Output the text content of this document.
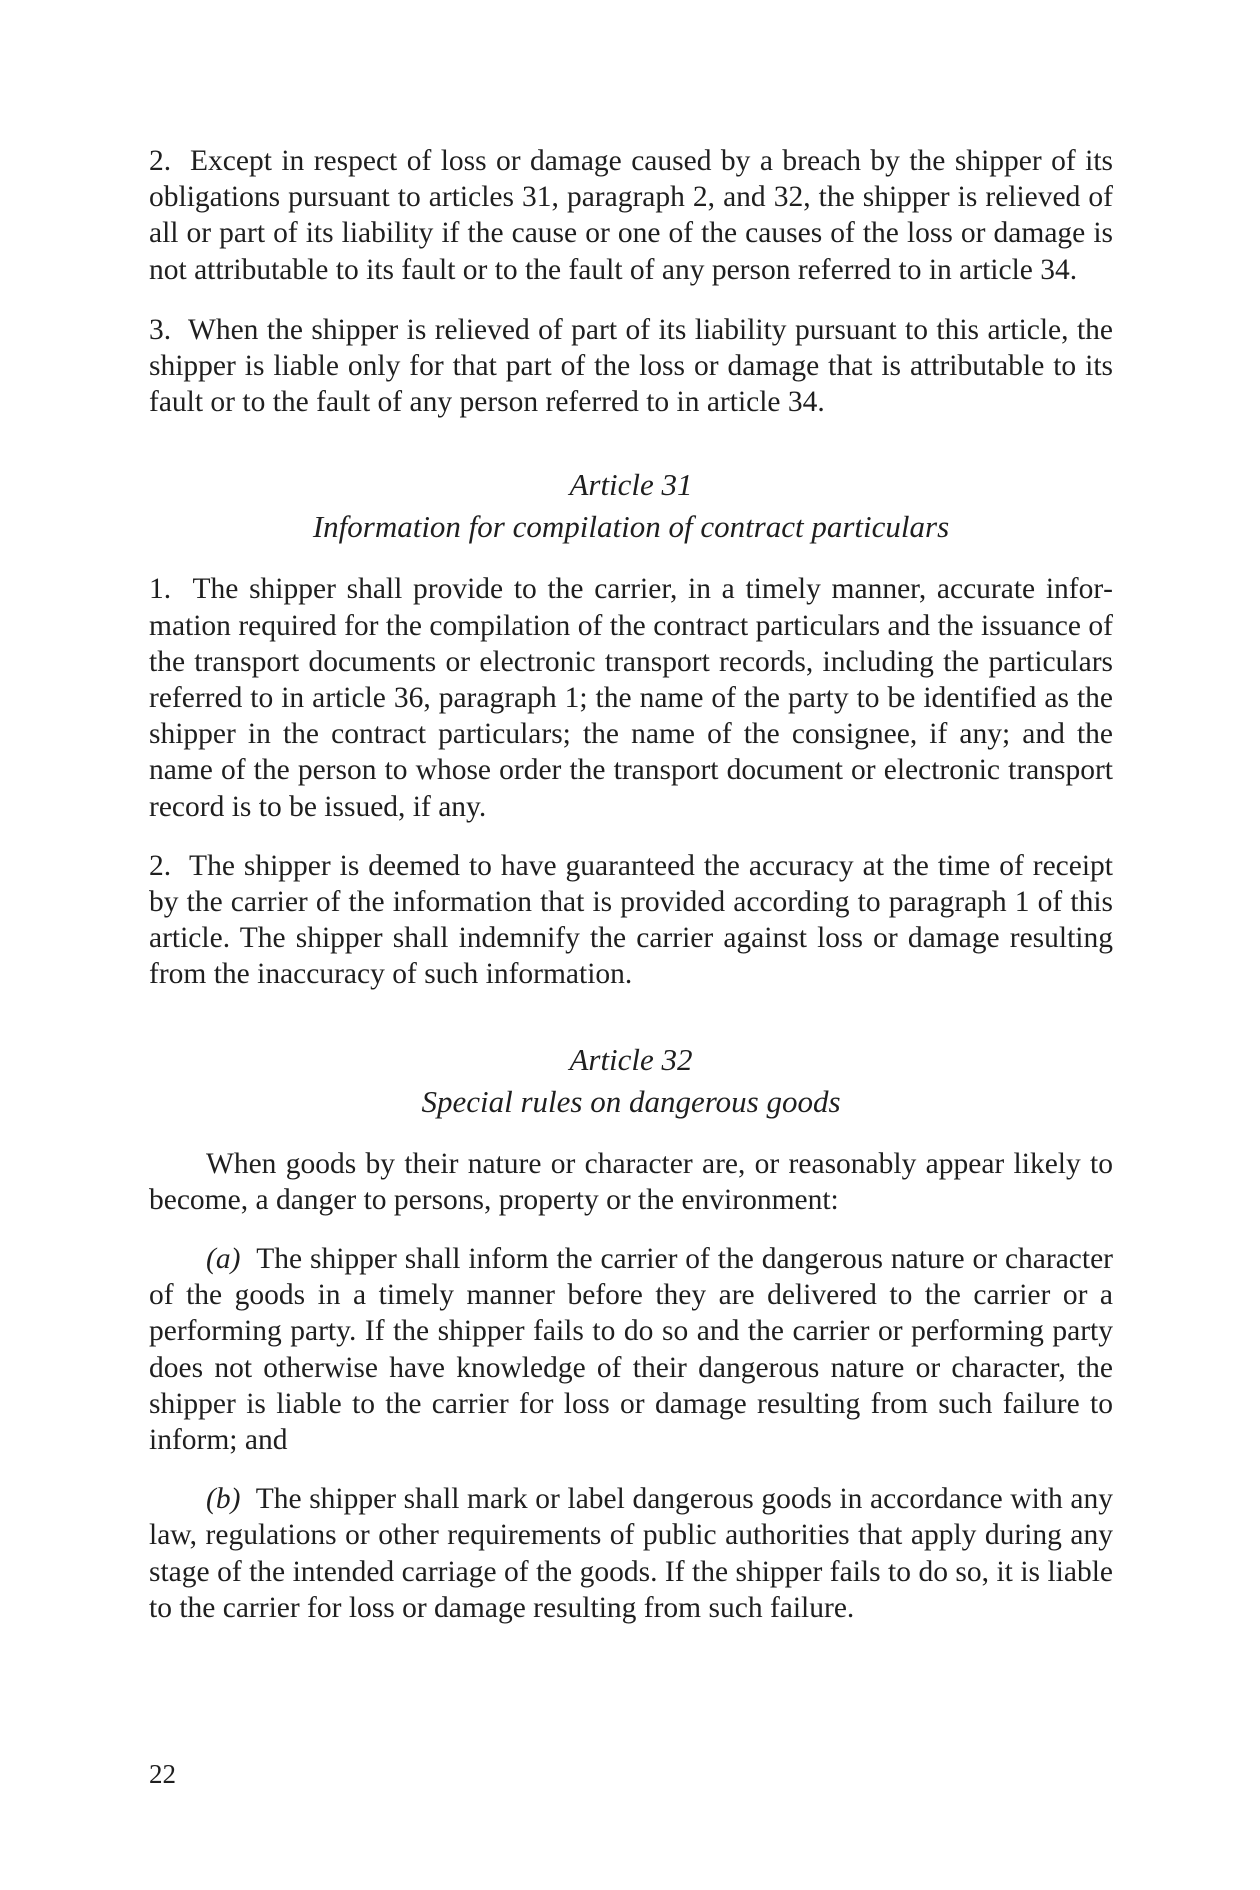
2. Except in respect of loss or damage caused by a breach by the shipper of its obligations pursuant to articles 31, paragraph 2, and 32, the shipper is relieved of all or part of its liability if the cause or one of the causes of the loss or damage is not attributable to its fault or to the fault of any person referred to in article 34.

3. When the shipper is relieved of part of its liability pursuant to this article, the shipper is liable only for that part of the loss or damage that is attributable to its fault or to the fault of any person referred to in article 34.

Article 31
Information for compilation of contract particulars

1. The shipper shall provide to the carrier, in a timely manner, accurate information required for the compilation of the contract particulars and the issuance of the transport documents or electronic transport records, including the particulars referred to in article 36, paragraph 1; the name of the party to be identified as the shipper in the contract particulars; the name of the consignee, if any; and the name of the person to whose order the transport document or electronic transport record is to be issued, if any.

2. The shipper is deemed to have guaranteed the accuracy at the time of receipt by the carrier of the information that is provided according to paragraph 1 of this article. The shipper shall indemnify the carrier against loss or damage resulting from the inaccuracy of such information.

Article 32
Special rules on dangerous goods

When goods by their nature or character are, or reasonably appear likely to become, a danger to persons, property or the environment:

(a) The shipper shall inform the carrier of the dangerous nature or character of the goods in a timely manner before they are delivered to the carrier or a performing party. If the shipper fails to do so and the carrier or performing party does not otherwise have knowledge of their dangerous nature or character, the shipper is liable to the carrier for loss or damage resulting from such failure to inform; and

(b) The shipper shall mark or label dangerous goods in accordance with any law, regulations or other requirements of public authorities that apply during any stage of the intended carriage of the goods. If the shipper fails to do so, it is liable to the carrier for loss or damage resulting from such failure.

22
